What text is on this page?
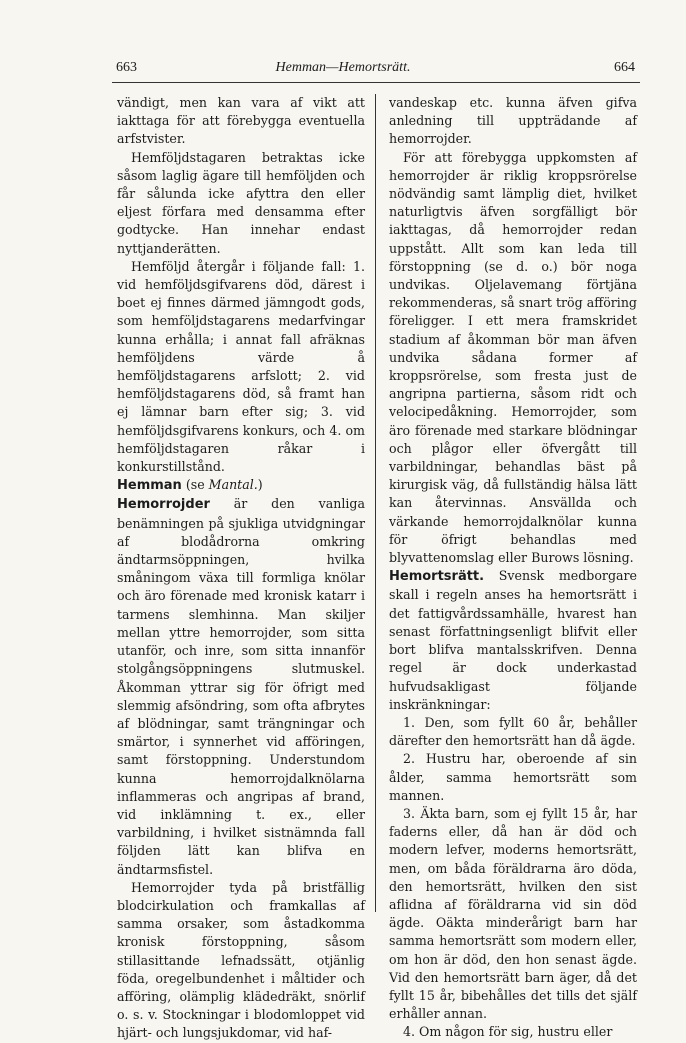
663	Hemman—Hemortsrätt.	664

vändigt, men kan vara af vikt att iakttaga för att förebygga eventuella arfstvister.

Hemföljdstagaren betraktas icke såsom laglig ägare till hemföljden och får sålunda icke afyttra den eller eljest förfara med densamma efter godtycke. Han innehar endast nyttjanderätten.

Hemföljd återgår i följande fall: 1. vid hemföljdsgifvarens död, därest i boet ej finnes därmed jämngodt gods, som hemföljdstagarens medarfvingar kunna erhålla; i annat fall afräknas hemföljdens värde å hemföljdstagarens arfslott; 2. vid hemföljdstagarens död, så framt han ej lämnar barn efter sig; 3. vid hemföljdsgifvarens konkurs, och 4. om hemföljdstagaren råkar i konkurstillstånd.

Hemman (se Mantal.)

Hemorrojder är den vanliga benämningen på sjukliga utvidgningar af blodådrorna omkring ändtarmsöppningen, hvilka småningom växa till formliga knölar och äro förenade med kronisk katarr i tarmens slemhinna. Man skiljer mellan yttre hemorrojder, som sitta utanför, och inre, som sitta innanför stolgångsöppningens slutmuskel. Åkomman yttrar sig för öfrigt med slemmig afsöndring, som ofta afbrytes af blödningar, samt trängningar och smärtor, i synnerhet vid afföringen, samt förstoppning. Understundom kunna hemorrojdalknölarna inflammeras och angripas af brand, vid inklämning t. ex., eller varbildning, i hvilket sistnämnda fall följden lätt kan blifva en ändtarmsfistel.

Hemorrojder tyda på bristfällig blodcirkulation och framkallas af samma orsaker, som åstadkomma kronisk förstoppning, såsom stillasittande lefnadssätt, otjänlig föda, oregelbundenhet i måltider och afföring, olämplig klädedräkt, snörlif o. s. v. Stockningar i blodomloppet vid hjärt- och lungsjukdomar, vid haf-

vandeskap etc. kunna äfven gifva anledning till uppträdande af hemorrojder.

För att förebygga uppkomsten af hemorrojder är riklig kroppsrörelse nödvändig samt lämplig diet, hvilket naturligtvis äfven sorgfälligt bör iakttagas, då hemorrojder redan uppstått. Allt som kan leda till förstoppning (se d. o.) bör noga undvikas. Oljelavemang förtjäna rekommenderas, så snart trög afföring föreligger. I ett mera framskridet stadium af åkomman bör man äfven undvika sådana former af kroppsrörelse, som fresta just de angripna partierna, såsom ridt och velocipedåkning. Hemorrojder, som äro förenade med starkare blödningar och plågor eller öfvergått till varbildningar, behandlas bäst på kirurgisk väg, då fullständig hälsa lätt kan återvinnas. Ansvällda och värkande hemorrojdalknölar kunna för öfrigt behandlas med blyvattenomslag eller Burows lösning.

Hemortsrätt. Svensk medborgare skall i regeln anses ha hemortsrätt i det fattigvårdssamhälle, hvarest han senast författningsenligt blifvit eller bort blifva mantalsskrifven. Denna regel är dock underkastad hufvudsakligast följande inskränkningar:

1. Den, som fyllt 60 år, behåller därefter den hemortsrätt han då ägde.

2. Hustru har, oberoende af sin ålder, samma hemortsrätt som mannen.

3. Äkta barn, som ej fyllt 15 år, har faderns eller, då han är död och modern lefver, moderns hemortsrätt, men, om båda föräldrarna äro döda, den hemortsrätt, hvilken den sist aflidna af föräldrarna vid sin död ägde. Oäkta minderårigt barn har samma hemortsrätt som modern eller, om hon är död, den hon senast ägde. Vid den hemortsrätt barn äger, då det fyllt 15 år, bibehålles det tills det själf erhåller annan.

4. Om någon för sig, hustru eller
